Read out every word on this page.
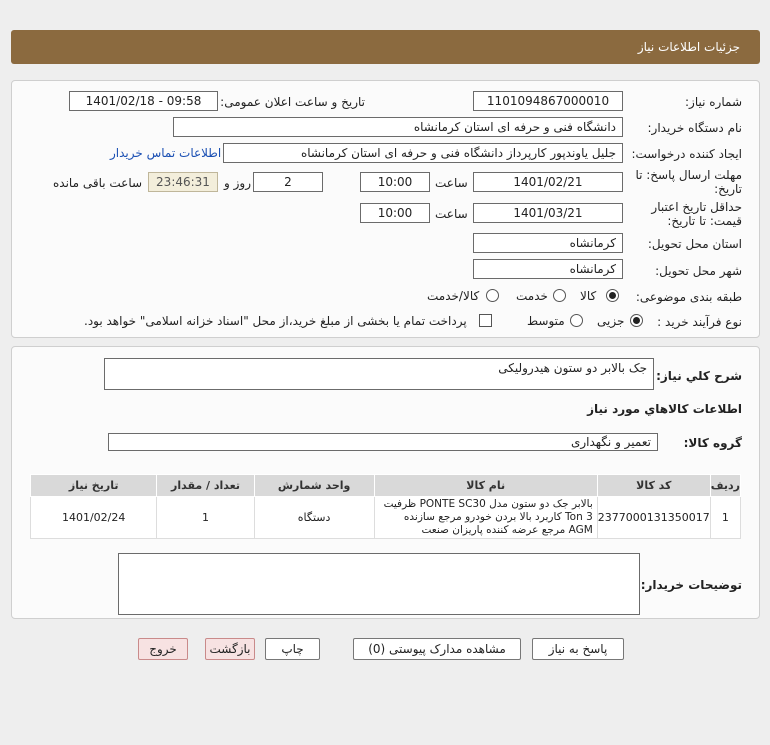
جزئیات اطلاعات نیاز
شماره نیاز:
1101094867000010
تاریخ و ساعت اعلان عمومی:
1401/02/18 - 09:58
نام دستگاه خریدار:
دانشگاه فنی و حرفه ای استان کرمانشاه
ایجاد کننده درخواست:
جلیل یاوندپور کارپرداز دانشگاه فنی و حرفه ای استان کرمانشاه
اطلاعات تماس خریدار
مهلت ارسال پاسخ: تا
تاریخ:
1401/02/21
ساعت
10:00
2
روز و
23:46:31
ساعت باقی مانده
حداقل تاریخ اعتبار
قیمت: تا تاریخ:
1401/03/21
ساعت
10:00
استان محل تحویل:
کرمانشاه
شهر محل تحویل:
کرمانشاه
طبقه بندی موضوعی:
کالا
خدمت
کالا/خدمت
نوع فرآیند خرید :
جزیی
متوسط
پرداخت تمام یا بخشی از مبلغ خرید،از محل "اسناد خزانه اسلامی" خواهد بود.
شرح کلي نياز:
جک بالابر دو ستون هیدرولیکی
اطلاعات کالاهاي مورد نياز
گروه کالا:
تعمیر و نگهداری
ردیف	کد کالا	نام کالا	واحد شمارش	تعداد / مقدار	تاریخ نیاز
1	2377000131350017	بالابر جک دو ستون مدل PONTE SC30 ظرفیت 3 Ton کاربرد بالا بردن خودرو مرجع سازنده AGM مرجع عرضه کننده پاریزان صنعت	دستگاه	1	1401/02/24
توضیحات خریدار:
پاسخ به نیاز
مشاهده مدارک پیوستی (0)
چاپ
بازگشت
خروج
